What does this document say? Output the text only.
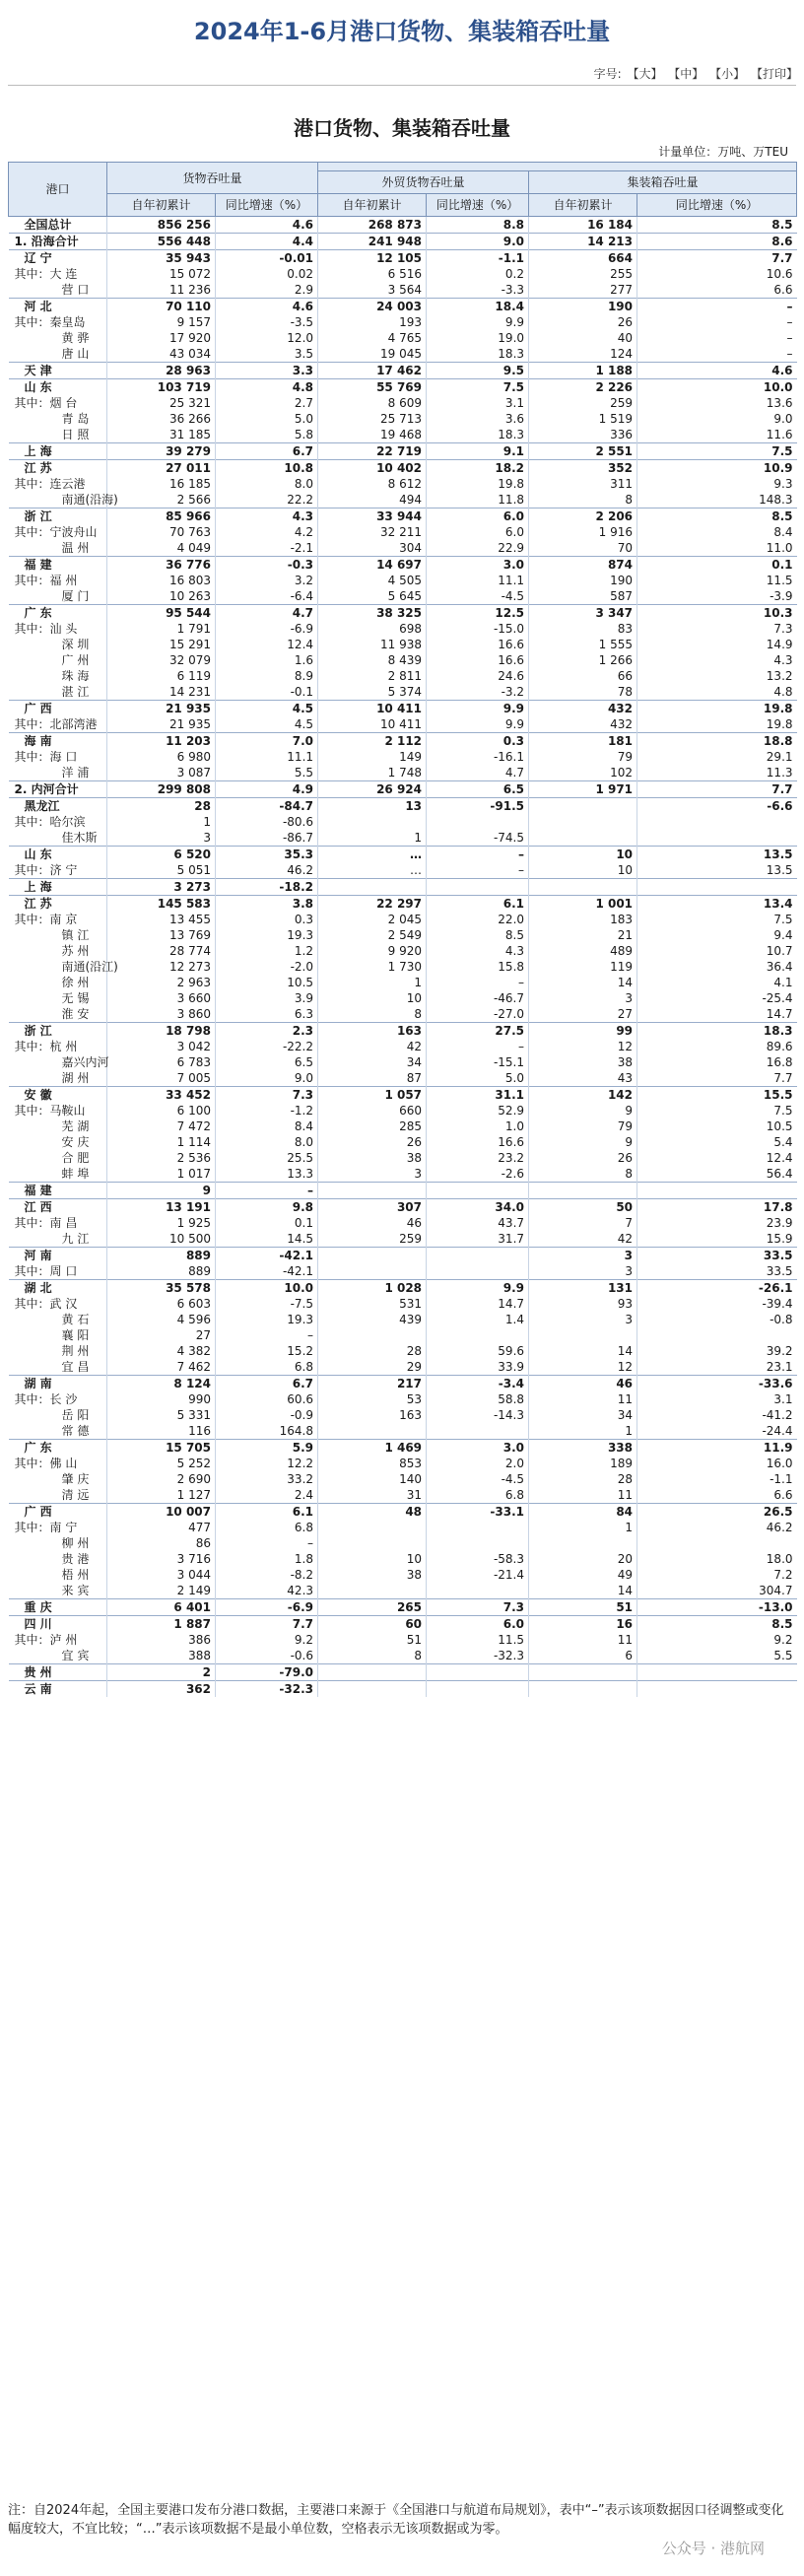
2024年1-6月港口货物、集装箱吞吐量
字号: 【大】 【中】 【小】 【打印】
港口货物、集装箱吞吐量
计量单位：万吨、万TEU
港口	货物吞吐量					
			外贸货物吞吐量		集装箱吞吐量	
	自年初累计	同比增速（%）	自年初累计	同比增速（%）	自年初累计	同比增速（%）
全国总计	856 256	4.6	268 873	8.8	16 184	8.5
1. 沿海合计	556 448	4.4	241 948	9.0	14 213	8.6
辽 宁	35 943	-0.01	12 105	-1.1	664	7.7
其中：大 连	15 072	0.02	6 516	0.2	255	10.6
营 口	11 236	2.9	3 564	-3.3	277	6.6
河 北	70 110	4.6	24 003	18.4	190	–
其中：秦皇岛	9 157	-3.5	193	9.9	26	–
黄 骅	17 920	12.0	4 765	19.0	40	–
唐 山	43 034	3.5	19 045	18.3	124	–
天 津	28 963	3.3	17 462	9.5	1 188	4.6
山 东	103 719	4.8	55 769	7.5	2 226	10.0
其中：烟 台	25 321	2.7	8 609	3.1	259	13.6
青 岛	36 266	5.0	25 713	3.6	1 519	9.0
日 照	31 185	5.8	19 468	18.3	336	11.6
上 海	39 279	6.7	22 719	9.1	2 551	7.5
江 苏	27 011	10.8	10 402	18.2	352	10.9
其中：连云港	16 185	8.0	8 612	19.8	311	9.3
南通(沿海)	2 566	22.2	494	11.8	8	148.3
浙 江	85 966	4.3	33 944	6.0	2 206	8.5
其中：宁波舟山	70 763	4.2	32 211	6.0	1 916	8.4
温 州	4 049	-2.1	304	22.9	70	11.0
福 建	36 776	-0.3	14 697	3.0	874	0.1
其中：福 州	16 803	3.2	4 505	11.1	190	11.5
厦 门	10 263	-6.4	5 645	-4.5	587	-3.9
广 东	95 544	4.7	38 325	12.5	3 347	10.3
其中：汕 头	1 791	-6.9	698	-15.0	83	7.3
深 圳	15 291	12.4	11 938	16.6	1 555	14.9
广 州	32 079	1.6	8 439	16.6	1 266	4.3
珠 海	6 119	8.9	2 811	24.6	66	13.2
湛 江	14 231	-0.1	5 374	-3.2	78	4.8
广 西	21 935	4.5	10 411	9.9	432	19.8
其中：北部湾港	21 935	4.5	10 411	9.9	432	19.8
海 南	11 203	7.0	2 112	0.3	181	18.8
其中：海 口	6 980	11.1	149	-16.1	79	29.1
洋 浦	3 087	5.5	1 748	4.7	102	11.3
2. 内河合计	299 808	4.9	26 924	6.5	1 971	7.7
黑龙江	28	-84.7	13	-91.5		-6.6
其中：哈尔滨	1	-80.6				
佳木斯	3	-86.7	1	-74.5		
山 东	6 520	35.3	…	–	10	13.5
其中：济 宁	5 051	46.2	…	–	10	13.5
上 海	3 273	-18.2				
江 苏	145 583	3.8	22 297	6.1	1 001	13.4
其中：南 京	13 455	0.3	2 045	22.0	183	7.5
镇 江	13 769	19.3	2 549	8.5	21	9.4
苏 州	28 774	1.2	9 920	4.3	489	10.7
南通(沿江)	12 273	-2.0	1 730	15.8	119	36.4
徐 州	2 963	10.5	1	–	14	4.1
无 锡	3 660	3.9	10	-46.7	3	-25.4
淮 安	3 860	6.3	8	-27.0	27	14.7
浙 江	18 798	2.3	163	27.5	99	18.3
其中：杭 州	3 042	-22.2	42	–	12	89.6
嘉兴内河	6 783	6.5	34	-15.1	38	16.8
湖 州	7 005	9.0	87	5.0	43	7.7
安 徽	33 452	7.3	1 057	31.1	142	15.5
其中：马鞍山	6 100	-1.2	660	52.9	9	7.5
芜 湖	7 472	8.4	285	1.0	79	10.5
安 庆	1 114	8.0	26	16.6	9	5.4
合 肥	2 536	25.5	38	23.2	26	12.4
蚌 埠	1 017	13.3	3	-2.6	8	56.4
福 建	9	–				
江 西	13 191	9.8	307	34.0	50	17.8
其中：南 昌	1 925	0.1	46	43.7	7	23.9
九 江	10 500	14.5	259	31.7	42	15.9
河 南	889	-42.1			3	33.5
其中：周 口	889	-42.1			3	33.5
湖 北	35 578	10.0	1 028	9.9	131	-26.1
其中：武 汉	6 603	-7.5	531	14.7	93	-39.4
黄 石	4 596	19.3	439	1.4	3	-0.8
襄 阳	27	–				
荆 州	4 382	15.2	28	59.6	14	39.2
宜 昌	7 462	6.8	29	33.9	12	23.1
湖 南	8 124	6.7	217	-3.4	46	-33.6
其中：长 沙	990	60.6	53	58.8	11	3.1
岳 阳	5 331	-0.9	163	-14.3	34	-41.2
常 德	116	164.8			1	-24.4
广 东	15 705	5.9	1 469	3.0	338	11.9
其中：佛 山	5 252	12.2	853	2.0	189	16.0
肇 庆	2 690	33.2	140	-4.5	28	-1.1
清 远	1 127	2.4	31	6.8	11	6.6
广 西	10 007	6.1	48	-33.1	84	26.5
其中：南 宁	477	6.8			1	46.2
柳 州	86	–				
贵 港	3 716	1.8	10	-58.3	20	18.0
梧 州	3 044	-8.2	38	-21.4	49	7.2
来 宾	2 149	42.3			14	304.7
重 庆	6 401	-6.9	265	7.3	51	-13.0
四 川	1 887	7.7	60	6.0	16	8.5
其中：泸 州	386	9.2	51	11.5	11	9.2
宜 宾	388	-0.6	8	-32.3	6	5.5
贵 州	2	-79.0				
云 南	362	-32.3				
注：自2024年起，全国主要港口发布分港口数据，主要港口来源于《全国港口与航道布局规划》，表中“–”表示该项数据因口径调整或变化幅度较大，不宜比较；“…”表示该项数据不是最小单位数，空格表示无该项数据或为零。
公众号 · 港航网
